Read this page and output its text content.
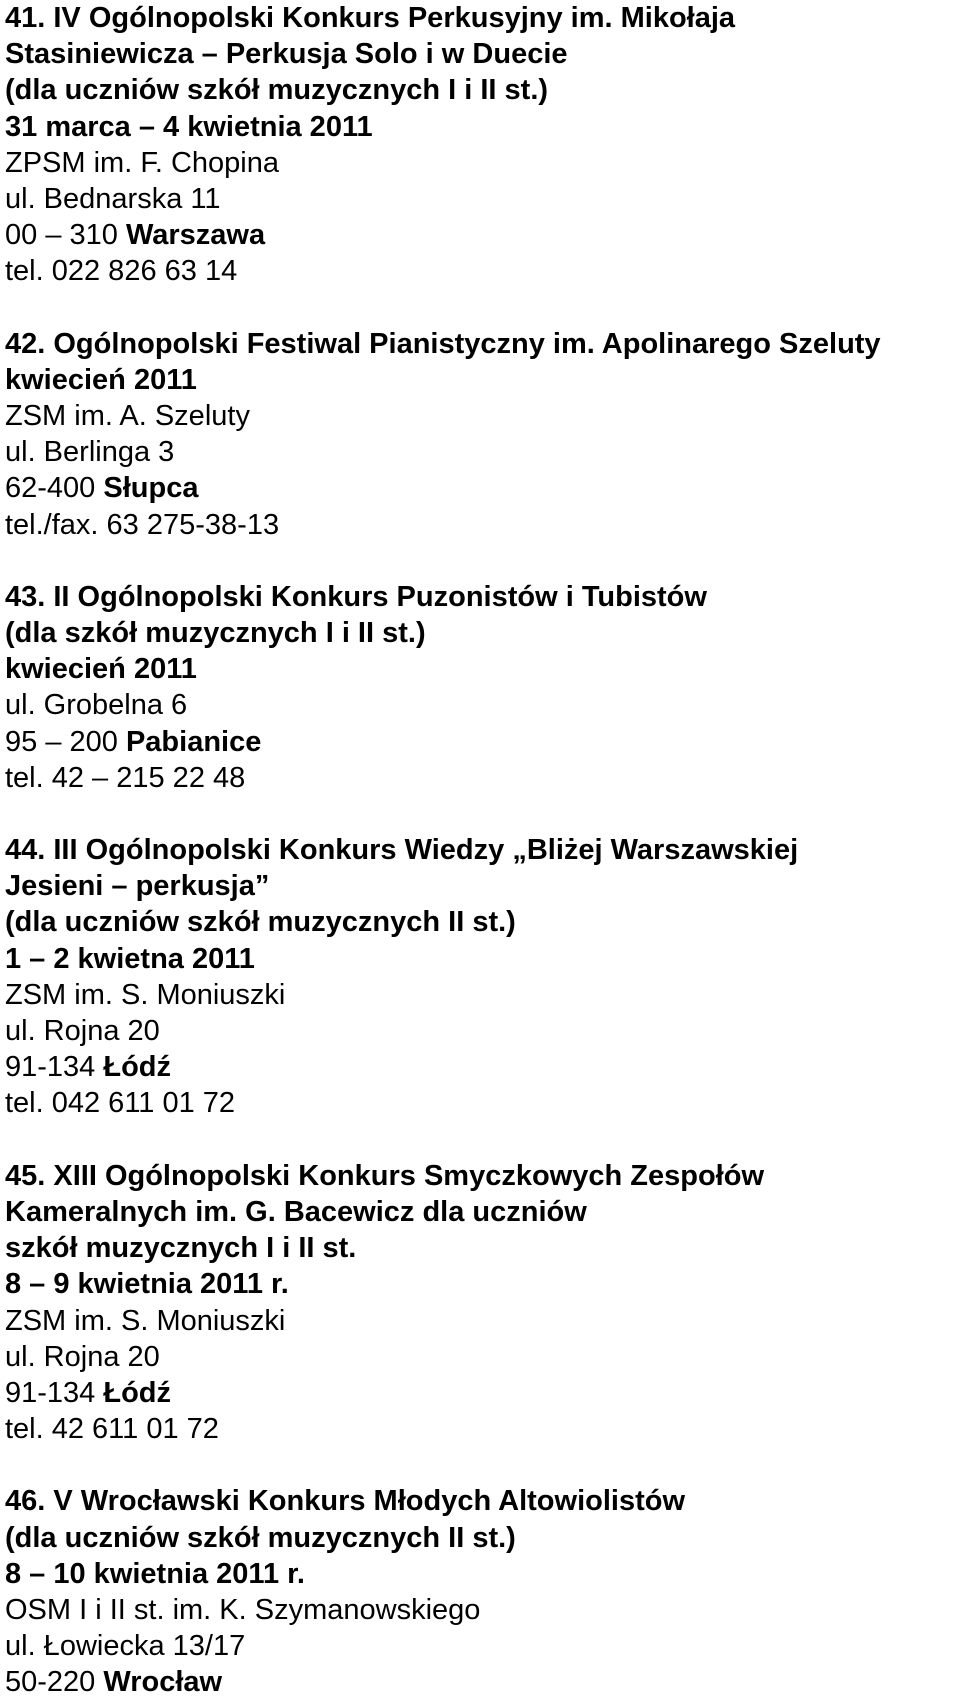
41. IV Ogólnopolski Konkurs Perkusyjny im. Mikołaja
Stasiniewicza – Perkusja Solo i w Duecie
(dla uczniów szkół muzycznych I i II st.)
31 marca – 4 kwietnia 2011
ZPSM im. F. Chopina
ul. Bednarska 11
00 – 310 Warszawa
tel. 022 826 63 14
42. Ogólnopolski Festiwal Pianistyczny im. Apolinarego Szeluty
kwiecień 2011
ZSM im. A. Szeluty
ul. Berlinga 3
62-400 Słupca
tel./fax. 63 275-38-13
43. II Ogólnopolski Konkurs Puzonistów i Tubistów
(dla szkół muzycznych I i II st.)
kwiecień 2011
ul. Grobelna 6
95 – 200 Pabianice
tel. 42 – 215 22 48
44. III Ogólnopolski Konkurs Wiedzy „Bliżej Warszawskiej
Jesieni – perkusja”
(dla uczniów szkół muzycznych II st.)
1 – 2 kwietna 2011
ZSM im. S. Moniuszki
ul. Rojna 20
91-134 Łódź
tel. 042 611 01 72
45. XIII Ogólnopolski Konkurs Smyczkowych Zespołów
Kameralnych im. G. Bacewicz dla uczniów
szkół muzycznych I i II st.
8 – 9 kwietnia 2011 r.
ZSM im. S. Moniuszki
ul. Rojna 20
91-134 Łódź
tel. 42 611 01 72
46. V Wrocławski Konkurs Młodych Altowiolistów
(dla uczniów szkół muzycznych II st.)
8 – 10 kwietnia 2011 r.
OSM I i II st. im. K. Szymanowskiego
ul. Łowiecka 13/17
50-220 Wrocław
